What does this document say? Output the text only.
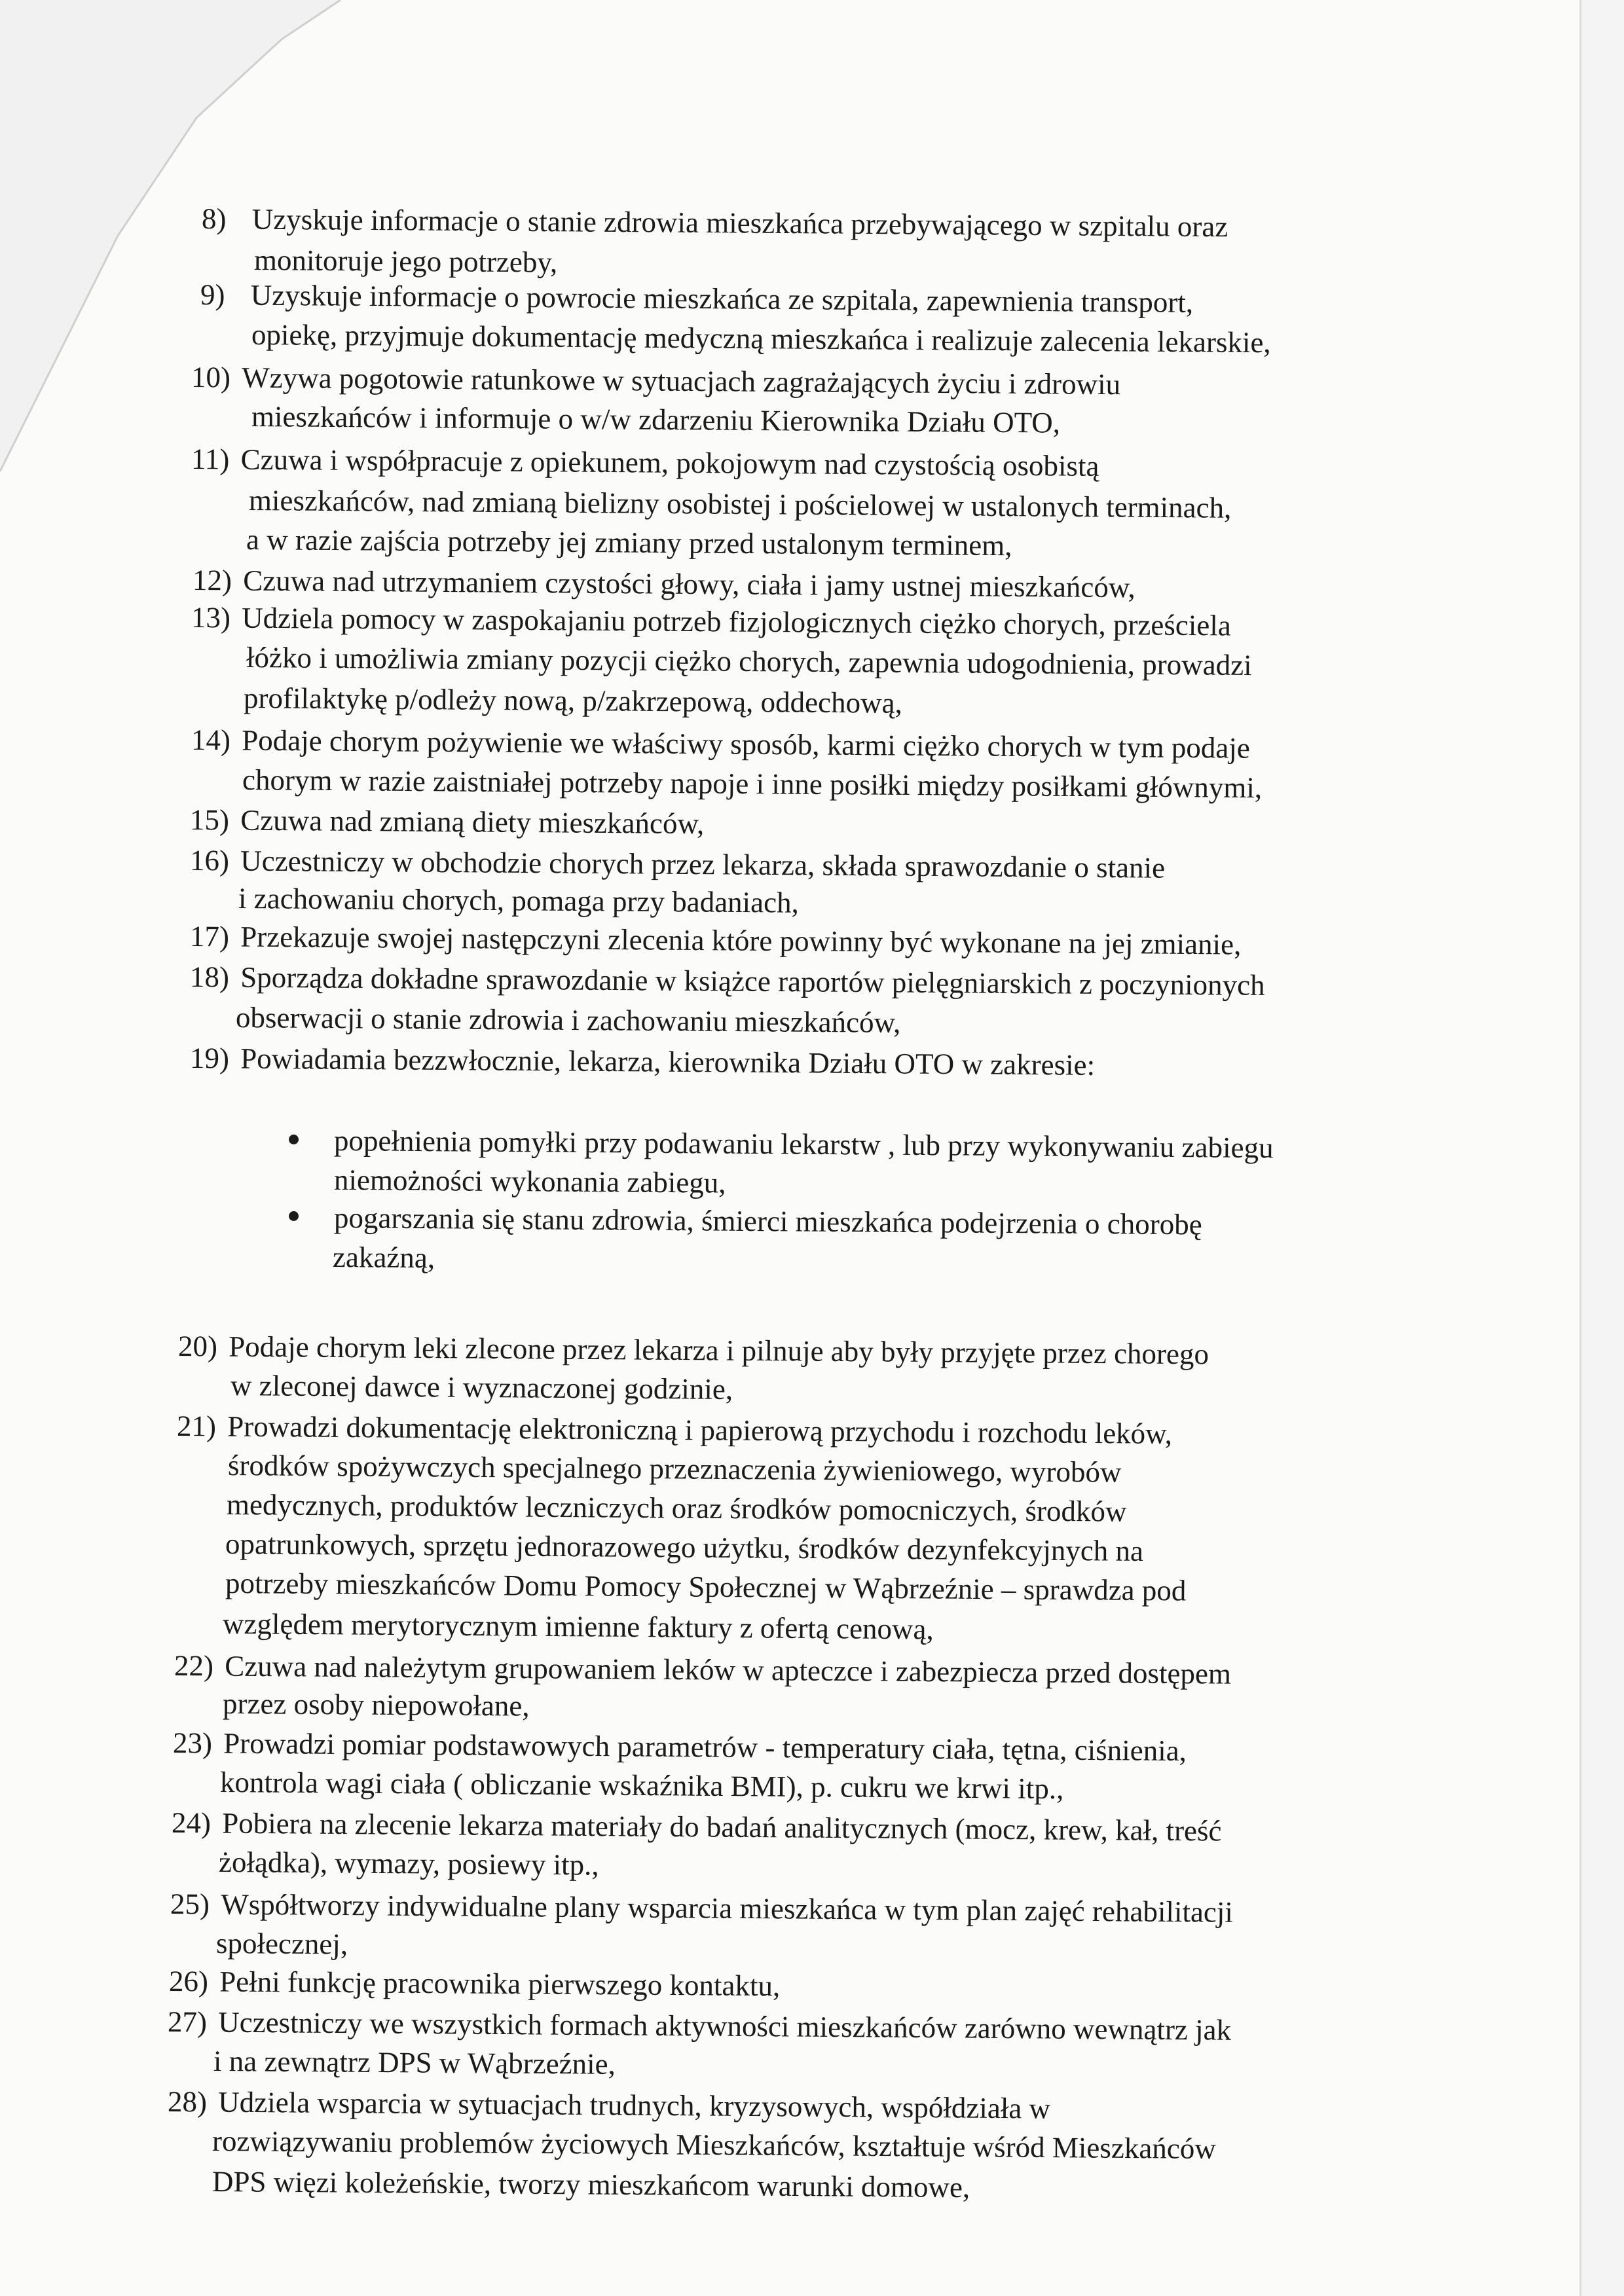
8) Uzyskuje informacje o stanie zdrowia mieszkańca przebywającego w szpitalu oraz
monitoruje jego potrzeby,
9) Uzyskuje informacje o powrocie mieszkańca ze szpitala, zapewnienia transport,
opiekę, przyjmuje dokumentację medyczną mieszkańca i realizuje zalecenia lekarskie,
10) Wzywa pogotowie ratunkowe w sytuacjach zagrażających życiu i zdrowiu
mieszkańców i informuje o w/w zdarzeniu Kierownika Działu OTO,
11) Czuwa i współpracuje z opiekunem, pokojowym nad czystością osobistą
mieszkańców, nad zmianą bielizny osobistej i pościelowej w ustalonych terminach,
a w razie zajścia potrzeby jej zmiany przed ustalonym terminem,
12) Czuwa nad utrzymaniem czystości głowy, ciała i jamy ustnej mieszkańców,
13) Udziela pomocy w zaspokajaniu potrzeb fizjologicznych ciężko chorych, prześciela
łóżko i umożliwia zmiany pozycji ciężko chorych, zapewnia udogodnienia, prowadzi
profilaktykę p/odleży nową, p/zakrzepową, oddechową,
14) Podaje chorym pożywienie we właściwy sposób, karmi ciężko chorych w tym podaje
chorym w razie zaistniałej potrzeby napoje i inne posiłki między posiłkami głównymi,
15) Czuwa nad zmianą diety mieszkańców,
16) Uczestniczy w obchodzie chorych przez lekarza, składa sprawozdanie o stanie
i zachowaniu chorych, pomaga przy badaniach,
17) Przekazuje swojej następczyni zlecenia które powinny być wykonane na jej zmianie,
18) Sporządza dokładne sprawozdanie w książce raportów pielęgniarskich z poczynionych
obserwacji o stanie zdrowia i zachowaniu mieszkańców,
19) Powiadamia bezzwłocznie, lekarza, kierownika Działu OTO w zakresie:
popełnienia pomyłki przy podawaniu lekarstw , lub przy wykonywaniu zabiegu
niemożności wykonania zabiegu,
pogarszania się stanu zdrowia, śmierci mieszkańca podejrzenia o chorobę
zakaźną,
20) Podaje chorym leki zlecone przez lekarza i pilnuje aby były przyjęte przez chorego
w zleconej dawce i wyznaczonej godzinie,
21) Prowadzi dokumentację elektroniczną i papierową przychodu i rozchodu leków,
środków spożywczych specjalnego przeznaczenia żywieniowego, wyrobów
medycznych, produktów leczniczych oraz środków pomocniczych, środków
opatrunkowych, sprzętu jednorazowego użytku, środków dezynfekcyjnych na
potrzeby mieszkańców Domu Pomocy Społecznej w Wąbrzeźnie – sprawdza pod
względem merytorycznym imienne faktury z ofertą cenową,
22) Czuwa nad należytym grupowaniem leków w apteczce i zabezpiecza przed dostępem
przez osoby niepowołane,
23) Prowadzi pomiar podstawowych parametrów - temperatury ciała, tętna, ciśnienia,
kontrola wagi ciała ( obliczanie wskaźnika BMI), p. cukru we krwi itp.,
24) Pobiera na zlecenie lekarza materiały do badań analitycznych (mocz, krew, kał, treść
żołądka), wymazy, posiewy itp.,
25) Współtworzy indywidualne plany wsparcia mieszkańca w tym plan zajęć rehabilitacji
społecznej,
26) Pełni funkcję pracownika pierwszego kontaktu,
27) Uczestniczy we wszystkich formach aktywności mieszkańców zarówno wewnątrz jak
i na zewnątrz DPS w Wąbrzeźnie,
28) Udziela wsparcia w sytuacjach trudnych, kryzysowych, współdziała w
rozwiązywaniu problemów życiowych Mieszkańców, kształtuje wśród Mieszkańców
DPS więzi koleżeńskie, tworzy mieszkańcom warunki domowe,
